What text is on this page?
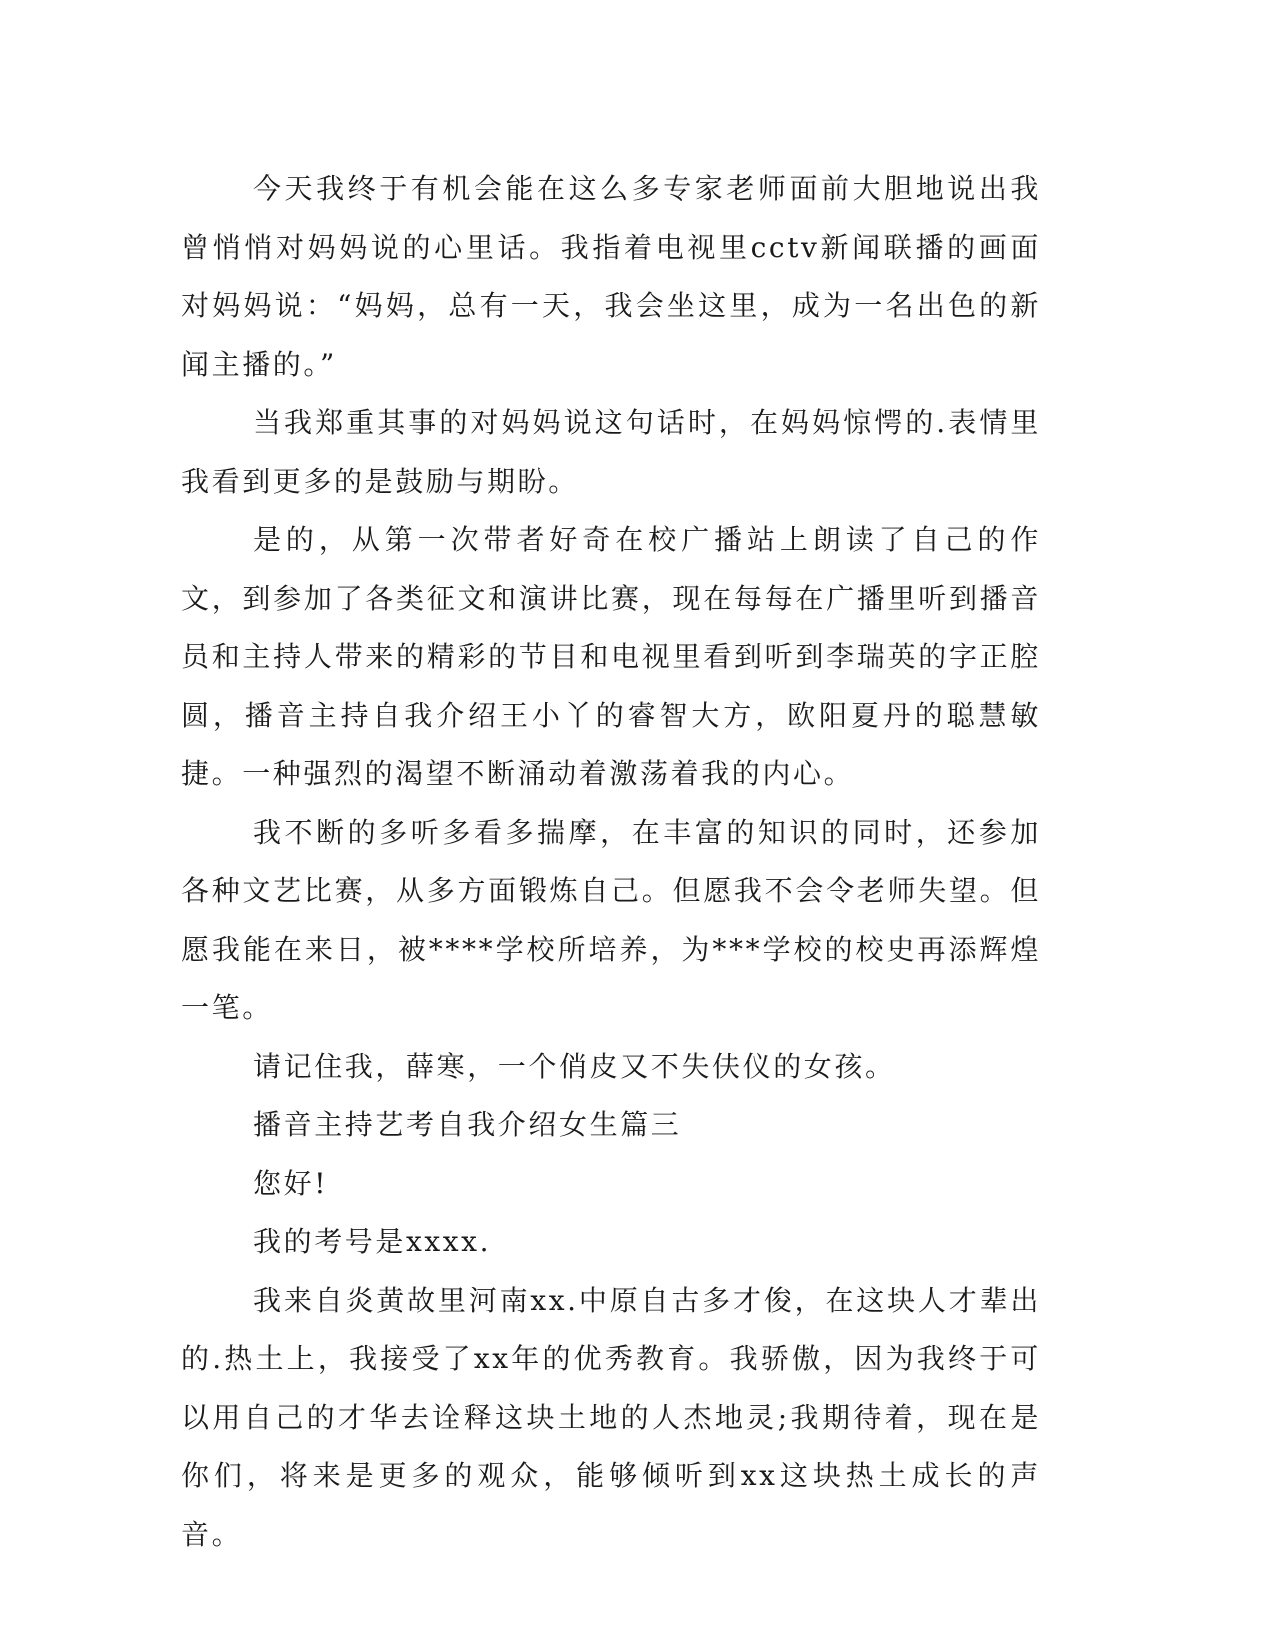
今天我终于有机会能在这么多专家老师面前大胆地说出我曾悄悄对妈妈说的心里话。我指着电视里cctv新闻联播的画面对妈妈说：“妈妈，总有一天，我会坐这里，成为一名出色的新闻主播的。”

当我郑重其事的对妈妈说这句话时，在妈妈惊愕的.表情里我看到更多的是鼓励与期盼。

是的，从第一次带者好奇在校广播站上朗读了自己的作文，到参加了各类征文和演讲比赛，现在每每在广播里听到播音员和主持人带来的精彩的节目和电视里看到听到李瑞英的字正腔圆，播音主持自我介绍王小丫的睿智大方，欧阳夏丹的聪慧敏捷。一种强烈的渴望不断涌动着激荡着我的内心。

我不断的多听多看多揣摩，在丰富的知识的同时，还参加各种文艺比赛，从多方面锻炼自己。但愿我不会令老师失望。但愿我能在来日，被****学校所培养，为***学校的校史再添辉煌一笔。

请记住我，薛寒，一个俏皮又不失伕仪的女孩。

播音主持艺考自我介绍女生篇三

您好!

我的考号是xxxx.

我来自炎黄故里河南xx.中原自古多才俊，在这块人才辈出的.热土上，我接受了xx年的优秀教育。我骄傲，因为我终于可以用自己的才华去诠释这块土地的人杰地灵;我期待着，现在是你们，将来是更多的观众，能够倾听到xx这块热土成长的声音。
